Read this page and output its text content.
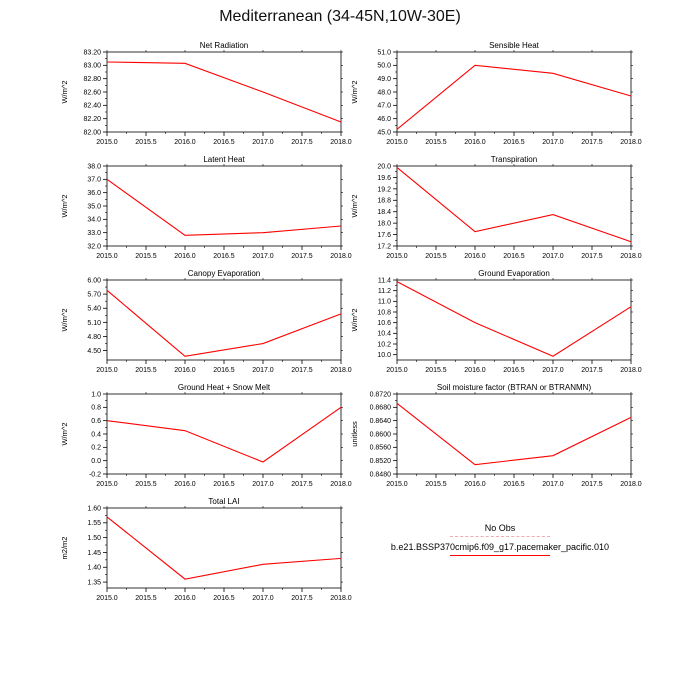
Mediterranean (34-45N,10W-30E)
Net Radiation
2015.0	2015.5	2016.0	2016.5	2017.0	2017.5	2018.0
82.00
82.20
82.40
82.60
82.80
83.00
83.20
W/m^2
Sensible Heat
2015.0	2015.5	2016.0	2016.5	2017.0	2017.5	2018.0
45.0
46.0
47.0
48.0
49.0
50.0
51.0
W/m^2
Latent Heat
2015.0	2015.5	2016.0	2016.5	2017.0	2017.5	2018.0
32.0
33.0
34.0
35.0
36.0
37.0
38.0
W/m^2
Transpiration
2015.0	2015.5	2016.0	2016.5	2017.0	2017.5	2018.0
17.2
17.6
18.0
18.4
18.8
19.2
19.6
20.0
W/m^2
Canopy Evaporation
2015.0	2015.5	2016.0	2016.5	2017.0	2017.5	2018.0
4.50
4.80
5.10
5.40
5.70
6.00
W/m^2
Ground Evaporation
2015.0	2015.5	2016.0	2016.5	2017.0	2017.5	2018.0
10.0
10.2
10.4
10.6
10.8
11.0
11.2
11.4
W/m^2
Ground Heat + Snow Melt
2015.0	2015.5	2016.0	2016.5	2017.0	2017.5	2018.0
-0.2
0.0
0.2
0.4
0.6
0.8
1.0
W/m^2
Soil moisture factor (BTRAN or BTRANMN)
2015.0	2015.5	2016.0	2016.5	2017.0	2017.5	2018.0
0.8480
0.8520
0.8560
0.8600
0.8640
0.8680
0.8720
unitless
Total LAI
2015.0	2015.5	2016.0	2016.5	2017.0	2017.5	2018.0
1.35
1.40
1.45
1.50
1.55
1.60
m2/m2
No Obs
b.e21.BSSP370cmip6.f09_g17.pacemaker_pacific.010
